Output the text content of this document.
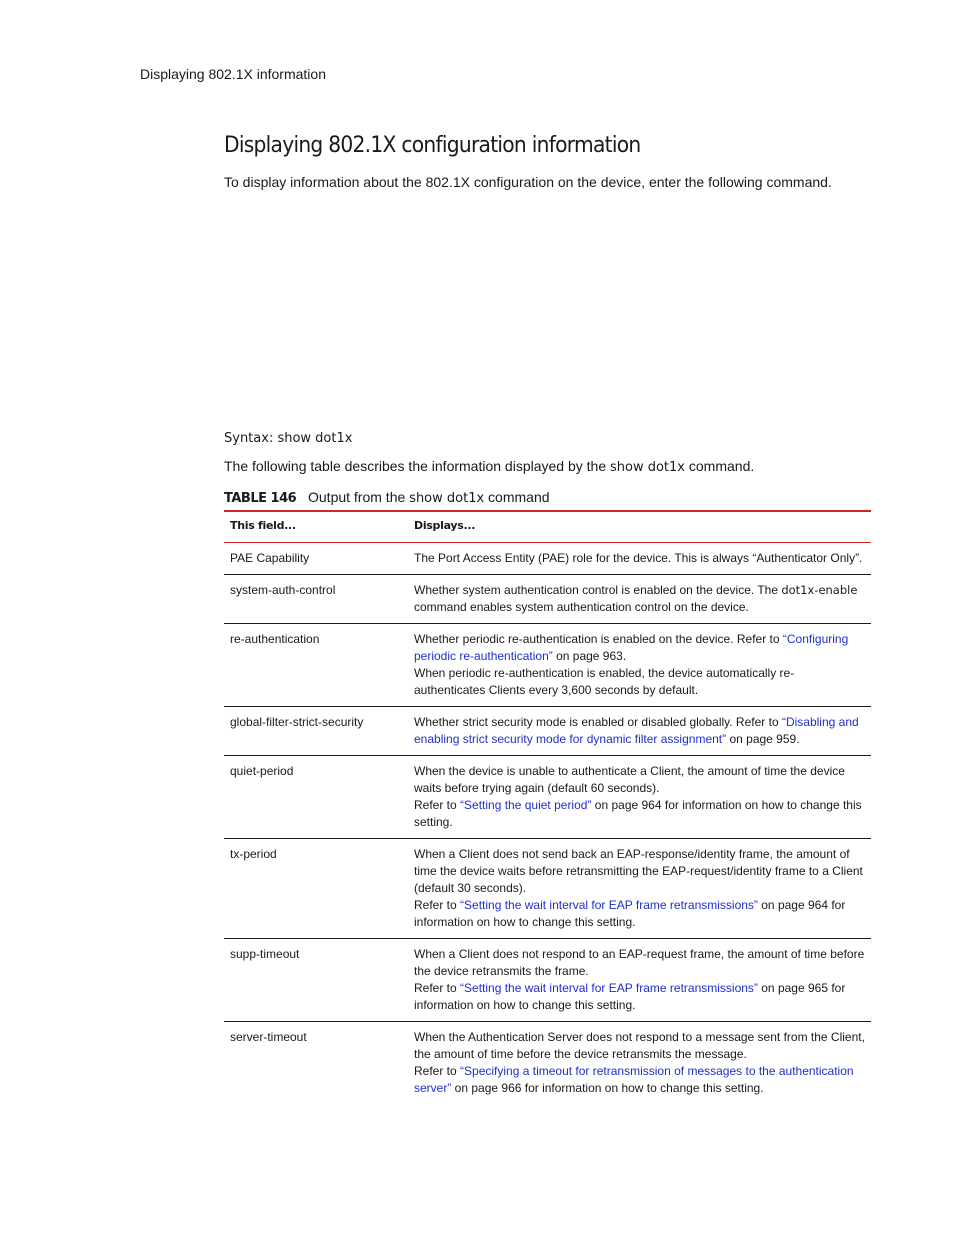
Displaying 802.1X information
Displaying 802.1X configuration information

To display information about the 802.1X configuration on the device, enter the following command.

Syntax: show dot1x

The following table describes the information displayed by the show dot1x command.

TABLE 146 Output from the show dot1x command

This field...	Displays...
PAE Capability	The Port Access Entity (PAE) role for the device. This is always “Authenticator Only”.

system-auth-control	Whether system authentication control is enabled on the device. The dot1x-enable command enables system authentication control on the device.

re-authentication	Whether periodic re-authentication is enabled on the device. Refer to “Configuring periodic re-authentication” on page 963.
When periodic re-authentication is enabled, the device automatically re-authenticates Clients every 3,600 seconds by default.

global-filter-strict-security	Whether strict security mode is enabled or disabled globally. Refer to “Disabling and enabling strict security mode for dynamic filter assignment” on page 959.

quiet-period	When the device is unable to authenticate a Client, the amount of time the device waits before trying again (default 60 seconds).
Refer to “Setting the quiet period” on page 964 for information on how to change this setting.

tx-period	When a Client does not send back an EAP-response/identity frame, the amount of time the device waits before retransmitting the EAP-request/identity frame to a Client (default 30 seconds).
Refer to “Setting the wait interval for EAP frame retransmissions” on page 964 for information on how to change this setting.

supp-timeout	When a Client does not respond to an EAP-request frame, the amount of time before the device retransmits the frame.
Refer to “Setting the wait interval for EAP frame retransmissions” on page 965 for information on how to change this setting.

server-timeout	When the Authentication Server does not respond to a message sent from the Client, the amount of time before the device retransmits the message.
Refer to “Specifying a timeout for retransmission of messages to the authentication server” on page 966 for information on how to change this setting.
